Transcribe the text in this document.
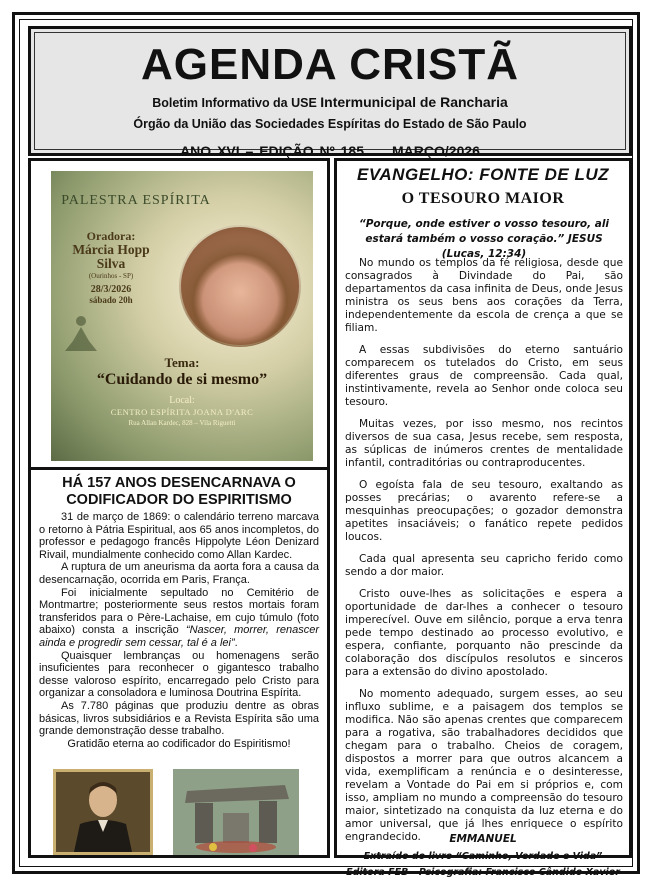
AGENDA CRISTÃ
Boletim Informativo da USE Intermunicipal de Rancharia
Órgão da União das Sociedades Espíritas do Estado de São Paulo
ANO XVI – EDIÇÃO Nº 185 MARÇO/2026
PALESTRA ESPÍRITA
Oradora:
Márcia Hopp
Silva
(Ourinhos - SP)
28/3/2026
sábado 20h
Tema:
“Cuidando de si mesmo”
Local:
CENTRO ESPÍRITA JOANA D'ARC
Rua Allan Kardec, 828 – Vila Riguetti
HÁ 157 ANOS DESENCARNAVA O CODIFICADOR DO ESPIRITISMO

31 de março de 1869: o calendário terreno marcava o retorno à Pátria Espiritual, aos 65 anos incompletos, do professor e pedagogo francês Hippolyte Léon Denizard Rivail, mundialmente conhecido como Allan Kardec.

A ruptura de um aneurisma da aorta fora a causa da desencarnação, ocorrida em Paris, França.

Foi inicialmente sepultado no Cemitério de Montmartre; posteriormente seus restos mortais foram transferidos para o Père-Lachaise, em cujo túmulo (foto abaixo) consta a inscrição “Nascer, morrer, renascer ainda e progredir sem cessar, tal é a lei”.

Quaisquer lembranças ou homenagens serão insuficientes para reconhecer o gigantesco trabalho desse valoroso espírito, encarregado pelo Cristo para organizar a consoladora e luminosa Doutrina Espírita.

As 7.780 páginas que produziu dentre as obras básicas, livros subsidiários e a Revista Espírita são uma grande demonstração desse trabalho.

Gratidão eterna ao codificador do Espiritismo!

EVANGELHO: FONTE DE LUZ
O TESOURO MAIOR
“Porque, onde estiver o vosso tesouro, ali estará também o vosso coração.” JESUS (Lucas, 12:34)

No mundo os templos da fé religiosa, desde que consagrados à Divindade do Pai, são departamentos da casa infinita de Deus, onde Jesus ministra os seus bens aos corações da Terra, independentemente da escola de crença a que se filiam.

A essas subdivisões do eterno santuário comparecem os tutelados do Cristo, em seus diferentes graus de compreensão. Cada qual, instintivamente, revela ao Senhor onde coloca seu tesouro.

Muitas vezes, por isso mesmo, nos recintos diversos de sua casa, Jesus recebe, sem resposta, as súplicas de inúmeros crentes de mentalidade infantil, contraditórias ou contraproducentes.

O egoísta fala de seu tesouro, exaltando as posses precárias; o avarento refere-se a mesquinhas preocupações; o gozador demonstra apetites insaciáveis; o fanático repete pedidos loucos.

Cada qual apresenta seu capricho ferido como sendo a dor maior.

Cristo ouve-lhes as solicitações e espera a oportunidade de dar-lhes a conhecer o tesouro imperecível. Ouve em silêncio, porque a erva tenra pede tempo destinado ao processo evolutivo, e espera, confiante, porquanto não prescinde da colaboração dos discípulos resolutos e sinceros para a extensão do divino apostolado.

No momento adequado, surgem esses, ao seu influxo sublime, e a paisagem dos templos se modifica. Não são apenas crentes que comparecem para a rogativa, são trabalhadores decididos que chegam para o trabalho. Cheios de coragem, dispostos a morrer para que outros alcancem a vida, exemplificam a renúncia e o desinteresse, revelam a Vontade do Pai em si próprios e, com isso, ampliam no mundo a compreensão do tesouro maior, sintetizado na conquista da luz eterna e do amor universal, que já lhes enriquece o espírito engrandecido.	EMMANUEL
Extraído do livro “Caminho, Verdade e Vida”
Editora FEB - Psicografia: Francisco Cândido Xavier
